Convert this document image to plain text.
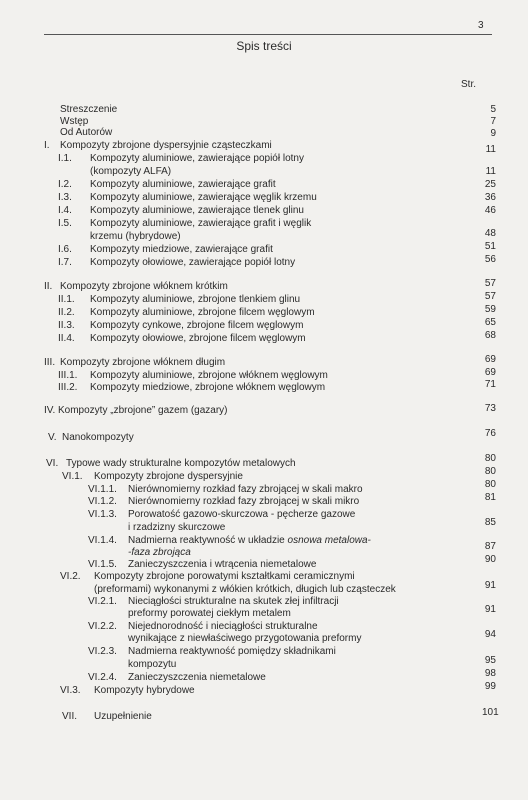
3
Spis treści
Str.
Streszczenie	5
Wstęp	7
Od Autorów	9
I. Kompozyty zbrojone dyspersyjnie cząsteczkami	11
I.1. Kompozyty aluminiowe, zawierające popiół lotny
(kompozyty ALFA)	11
I.2. Kompozyty aluminiowe, zawierające grafit	25
I.3. Kompozyty aluminiowe, zawierające węglik krzemu	36
I.4. Kompozyty aluminiowe, zawierające tlenek glinu	46
I.5. Kompozyty aluminiowe, zawierające grafit i węglik
krzemu (hybrydowe)	48
I.6. Kompozyty miedziowe, zawierające grafit	51
I.7. Kompozyty ołowiowe, zawierające popiół lotny	56
II. Kompozyty zbrojone włóknem krótkim	57
II.1. Kompozyty aluminiowe, zbrojone tlenkiem glinu	57
II.2. Kompozyty aluminiowe, zbrojone filcem węglowym	59
II.3. Kompozyty cynkowe, zbrojone filcem węglowym	65
II.4. Kompozyty ołowiowe, zbrojone filcem węglowym	68
III. Kompozyty zbrojone włóknem długim	69
III.1. Kompozyty aluminiowe, zbrojone włóknem węglowym	69
III.2. Kompozyty miedziowe, zbrojone włóknem węglowym	71
IV. Kompozyty „zbrojone” gazem (gazary)	73
V. Nanokompozyty	76
VI. Typowe wady strukturalne kompozytów metalowych	80
VI.1. Kompozyty zbrojone dyspersyjnie	80
VI.1.1. Nierównomierny rozkład fazy zbrojącej w skali makro	80
VI.1.2. Nierównomierny rozkład fazy zbrojącej w skali mikro	81
VI.1.3. Porowatość gazowo-skurczowa - pęcherze gazowe
i rzadzizny skurczowe	85
VI.1.4. Nadmierna reaktywność w układzie osnowa metalowa-
-faza zbrojąca
87
VI.1.5. Zanieczyszczenia i wtrącenia niemetalowe	90
VI.2. Kompozyty zbrojone porowatymi kształtkami ceramicznymi
(preformami) wykonanymi z włókien krótkich, długich lub cząsteczek	91
VI.2.1. Nieciągłości strukturalne na skutek złej infiltracji
preformy porowatej ciekłym metalem	91
VI.2.2. Niejednorodność i nieciągłości strukturalne
wynikające z niewłaściwego przygotowania preformy	94
VI.2.3. Nadmierna reaktywność pomiędzy składnikami
kompozytu	95
VI.2.4. Zanieczyszczenia niemetalowe	98
VI.3. Kompozyty hybrydowe	99
VII. Uzupełnienie	101
